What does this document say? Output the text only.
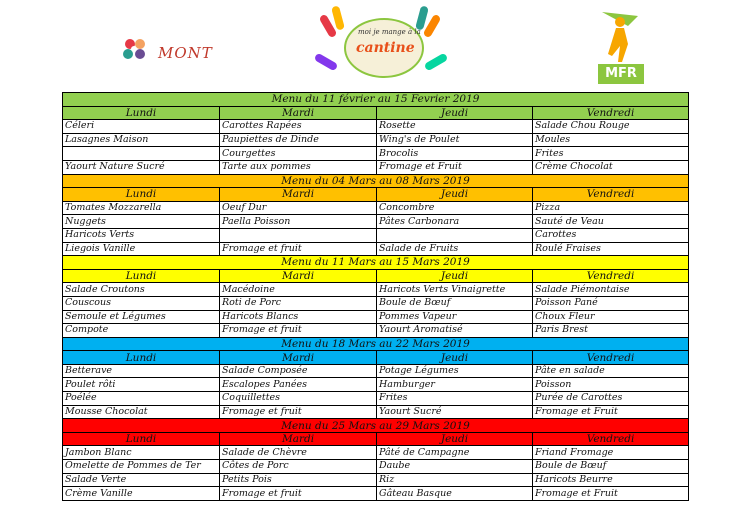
MONT
moi je mange à la
cantine
MFR
Menu du 11 février au 15 Fevrier 2019			
Lundi	Mardi	Jeudi	Vendredi
Céleri	Carottes Rapées	Rosette	Salade Chou Rouge
Lasagnes Maison	Paupiettes de Dinde	Wing's de Poulet	Moules
	Courgettes	Brocolis	Frites
Yaourt Nature Sucré	Tarte aux pommes	Fromage et Fruit	Crème Chocolat
Menu du 04 Mars au 08 Mars 2019			
Lundi	Mardi	Jeudi	Vendredi
Tomates Mozzarella	Oeuf Dur	Concombre	Pizza
Nuggets	Paella Poisson	Pâtes Carbonara	Sauté de Veau
Haricots Verts			Carottes
Liegois Vanille	Fromage et fruit	Salade de Fruits	Roulé Fraises
Menu du 11 Mars au 15 Mars 2019			
Lundi	Mardi	Jeudi	Vendredi
Salade Croutons	Macédoine	Haricots Verts Vinaigrette	Salade Piémontaise
Couscous	Roti de Porc	Boule de Bœuf	Poisson Pané
Semoule et Légumes	Haricots Blancs	Pommes Vapeur	Choux Fleur
Compote	Fromage et fruit	Yaourt Aromatisé	Paris Brest
Menu du 18 Mars au 22 Mars 2019			
Lundi	Mardi	Jeudi	Vendredi
Betterave	Salade Composée	Potage Légumes	Pâte en salade
Poulet rôti	Escalopes Panées	Hamburger	Poisson
Poélée	Coquillettes	Frites	Purée de Carottes
Mousse Chocolat	Fromage et fruit	Yaourt Sucré	Fromage et Fruit
Menu du 25 Mars au 29 Mars 2019			
Lundi	Mardi	Jeudi	Vendredi
Jambon Blanc	Salade de Chèvre	Pâté de Campagne	Friand Fromage
Omelette de Pommes de Ter	Côtes de Porc	Daube	Boule de Bœuf
Salade Verte	Petits Pois	Riz	Haricots Beurre
Crème Vanille	Fromage et fruit	Gâteau Basque	Fromage et Fruit
